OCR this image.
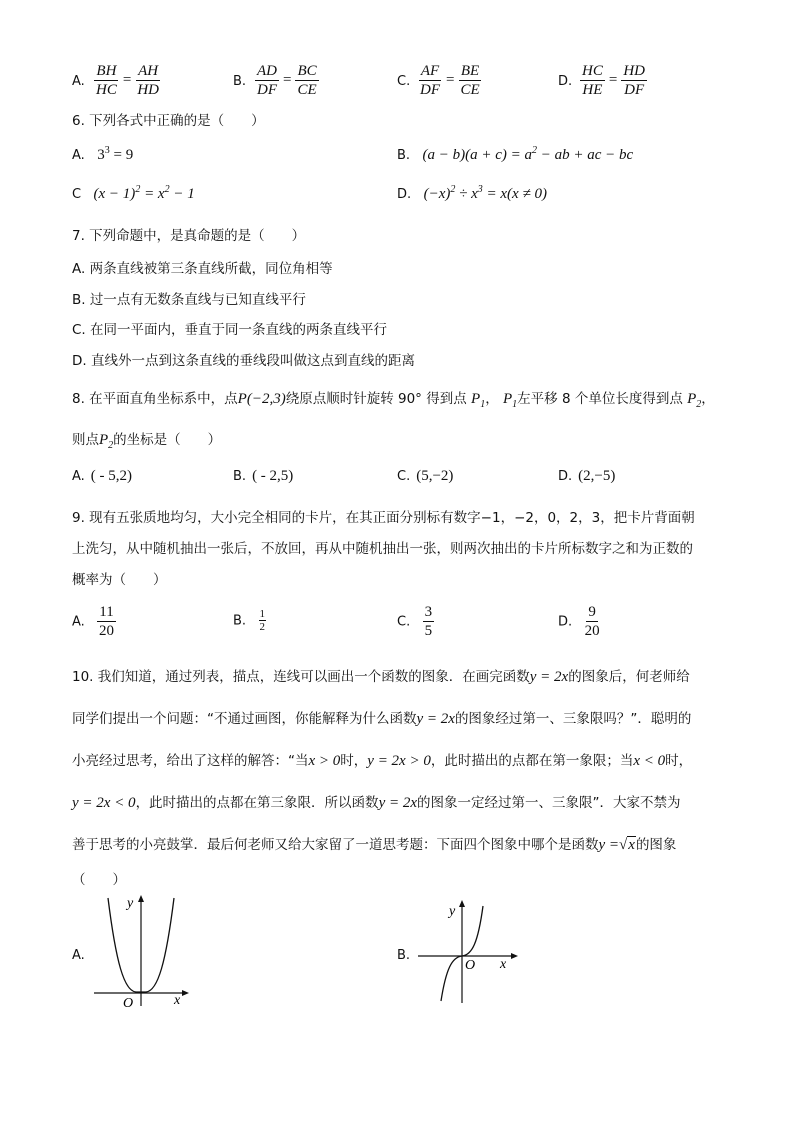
A. $\frac{BH}{HC} = \frac{AH}{HD}$	B. $\frac{AD}{DF} = \frac{BC}{CE}$	C. $\frac{AF}{DF} = \frac{BE}{CE}$	D. $\frac{HC}{HE} = \frac{HD}{DF}$
6. 下列各式中正确的是（　　）
A. $3^3 = 9$	B. $(a - b)(a + c) = a^2$ − ab + ac − bc
C $(x - 1)^2 = x^2 - 1$	D. $(-x)^2 \div x^3 = x(x \ne 0)$
7. 下列命题中，是真命题的是（　　）
A. 两条直线被第三条直线所截，同位角相等
B. 过一点有无数条直线与已知直线平行
C. 在同一平面内，垂直于同一条直线的两条直线平行
D. 直线外一点到这条直线的垂线段叫做这点到直线的距离
8. 在平面直角坐标系中，点P(−2,3)绕原点顺时针旋转 90° 得到点 $P_1$， $P_1$左平移 8 个单位长度得到点 $P_2$，
则点$P_2$的坐标是（　　）
A. ( - 5,2)	B. ( - 2,5)	C. (5,−2)	D. (2,−5)
9. 现有五张质地均匀，大小完全相同的卡片，在其正面分别标有数字−1，−2，0，2，3，把卡片背面朝
上洗匀，从中随机抽出一张后，不放回，再从中随机抽出一张，则两次抽出的卡片所标数字之和为正数的
概率为（　　）
A. $\frac{11}{20}$	B. $\frac{1}{2}$	C. $\frac{3}{5}$	D. $\frac{9}{20}$
10. 我们知道，通过列表，描点，连线可以画出一个函数的图象．在画完函数y = 2x的图象后，何老师给
同学们提出一个问题：“不通过画图，你能解释为什么函数y = 2x的图象经过第一、三象限吗？”．聪明的
小亮经过思考，给出了这样的解答：“当x > 0时，y = 2x > 0，此时描出的点都在第一象限；当x < 0时，
y = 2x < 0，此时描出的点都在第三象限．所以函数y = 2x的图象一定经过第一、三象限”．大家不禁为
善于思考的小亮鼓掌．最后何老师又给大家留了一道思考题：下面四个图象中哪个是函数y =√x的图象
（　　）
A.
y
O	x
B.
y
O x
